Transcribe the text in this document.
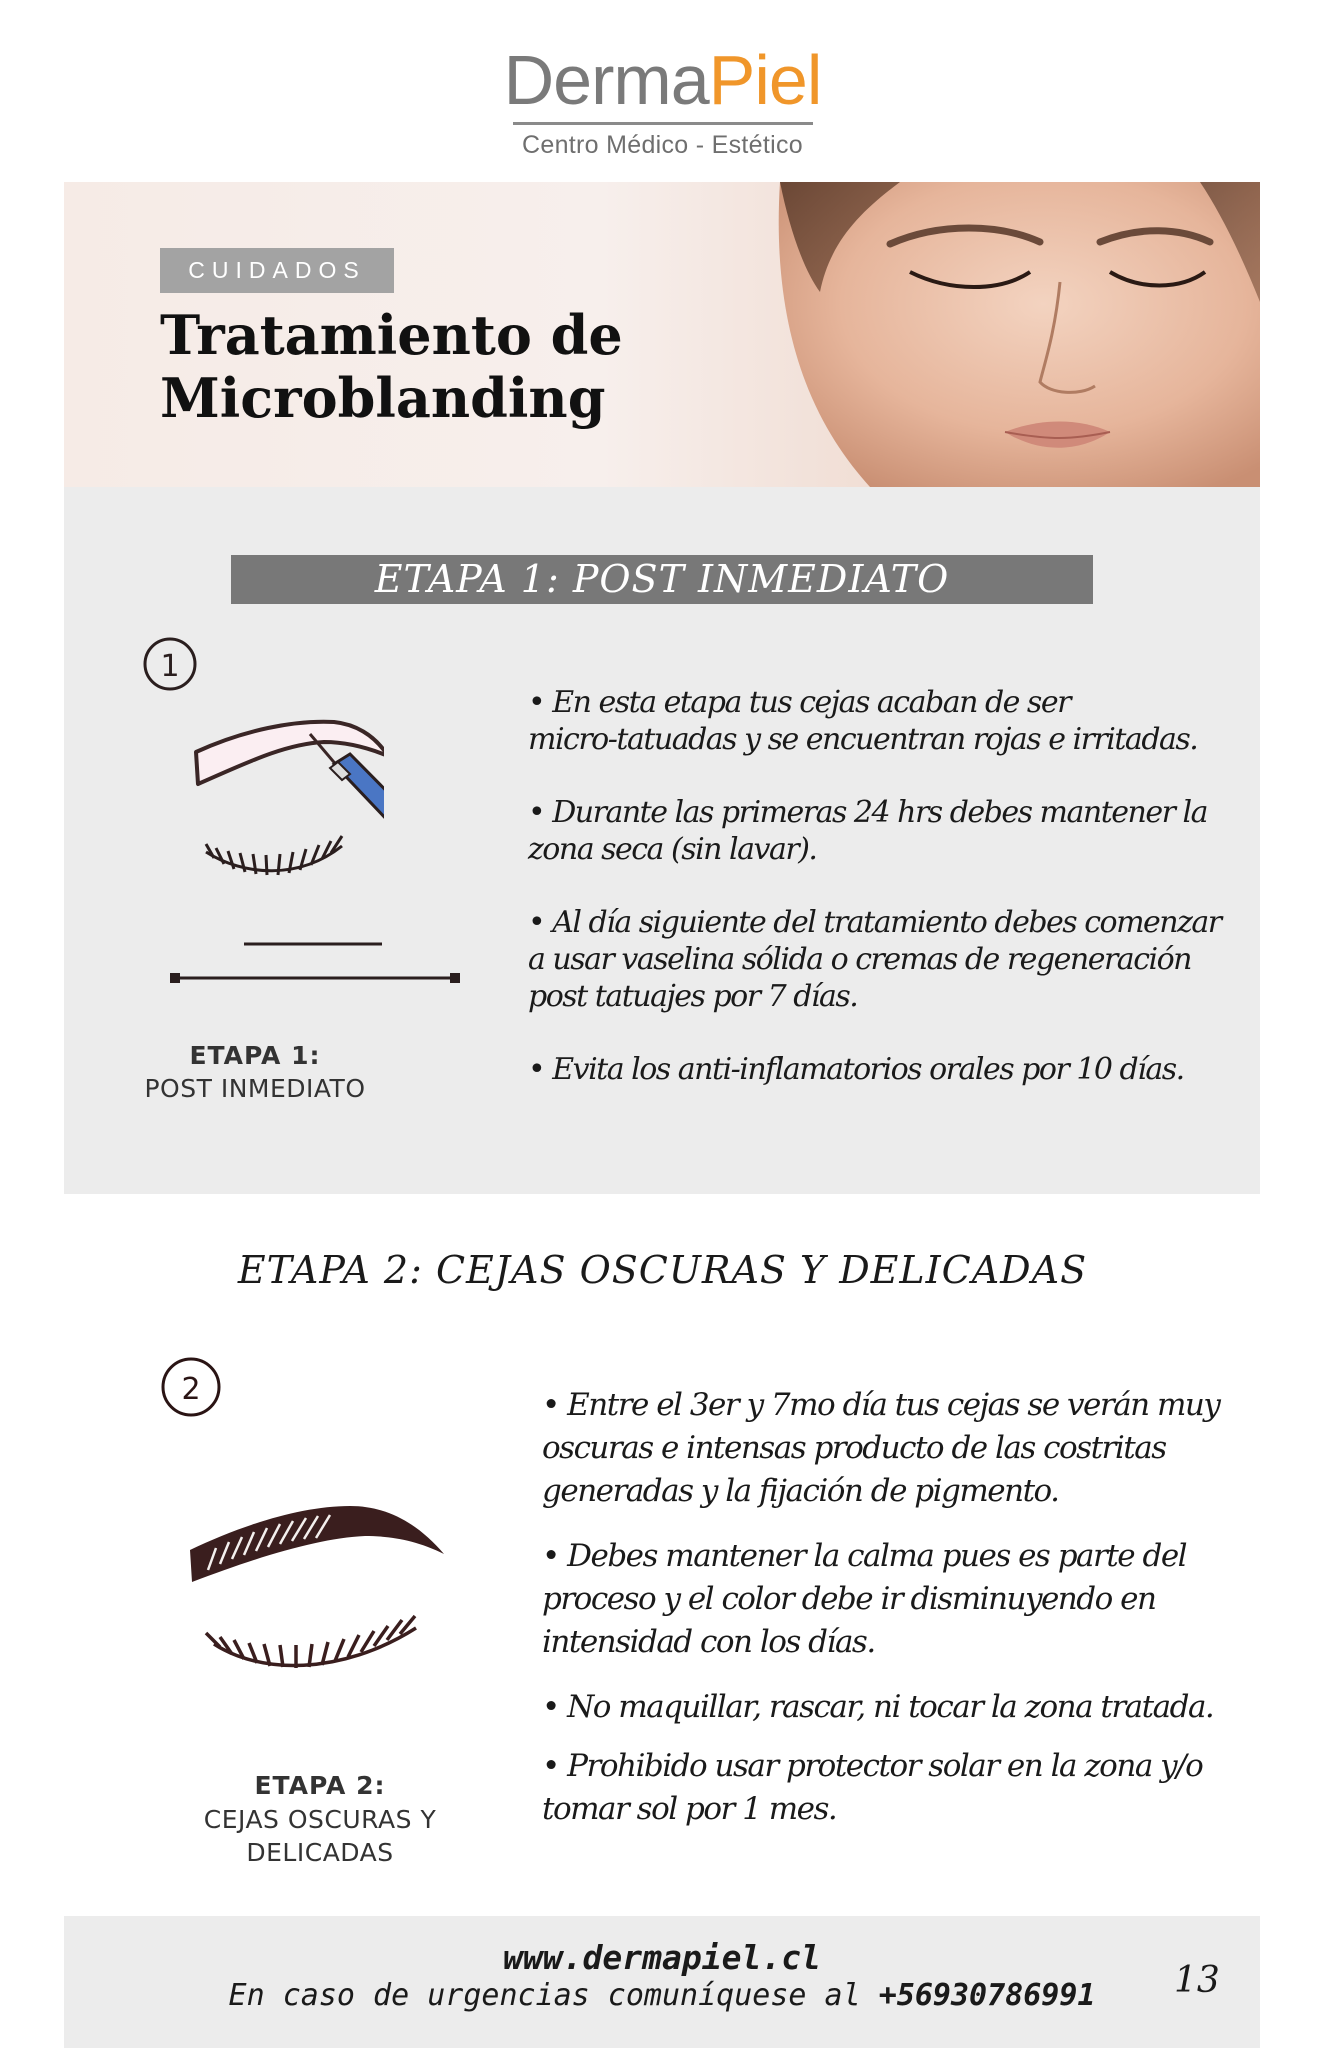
DermaPiel
Centro Médico - Estético
CUIDADOS
Tratamiento de
Microblanding
ETAPA 1: POST INMEDIATO
1
ETAPA 1:
POST INMEDIATO

• En esta etapa tus cejas acaban de ser

micro-tatuadas y se encuentran rojas e irritadas.

• Durante las primeras 24 hrs debes mantener la

zona seca (sin lavar).

• Al día siguiente del tratamiento debes comenzar

a usar vaselina sólida o cremas de regeneración

post tatuajes por 7 días.

• Evita los anti-inflamatorios orales por 10 días.

ETAPA 2: CEJAS OSCURAS Y DELICADAS
2
ETAPA 2:
CEJAS OSCURAS Y
DELICADAS

• Entre el 3er y 7mo día tus cejas se verán muy

oscuras e intensas producto de las costritas

generadas y la fijación de pigmento.

• Debes mantener la calma pues es parte del

proceso y el color debe ir disminuyendo en

intensidad con los días.

• No maquillar, rascar, ni tocar la zona tratada.

• Prohibido usar protector solar en la zona y/o

tomar sol por 1 mes.

www.dermapiel.cl
En caso de urgencias comuníquese al +56930786991	13
